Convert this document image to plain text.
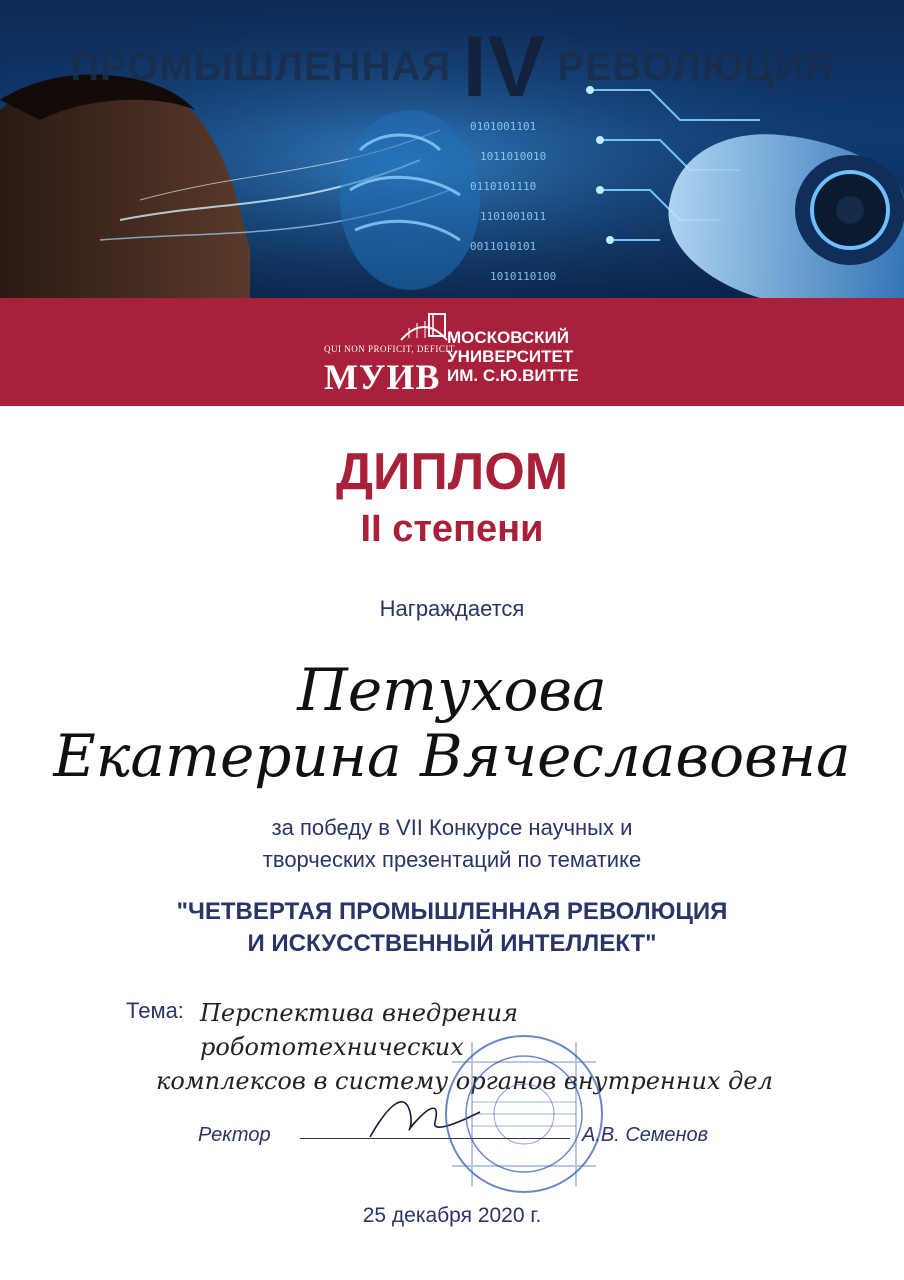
0101001101
1011010010
0110101110
1101001011
0011010101
1010110100
ПРОМЫШЛЕННАЯ IV РЕВОЛЮЦИЯ
QUI NON PROFICIT, DEFICIT
МУИВ
МОСКОВСКИЙ
УНИВЕРСИТЕТ
ИМ. С.Ю.ВИТТЕ
ДИПЛОМ
II степени
Награждается
Петухова
Екатерина Вячеславовна
за победу в VII Конкурсе научных и
творческих презентаций по тематике
"ЧЕТВЕРТАЯ ПРОМЫШЛЕННАЯ РЕВОЛЮЦИЯ
И ИСКУССТВЕННЫЙ ИНТЕЛЛЕКТ"
Тема: Перспектива внедрения робототехнических
комплексов в систему органов внутренних дел
Ректор	А.В. Семенов
25 декабря 2020 г.
